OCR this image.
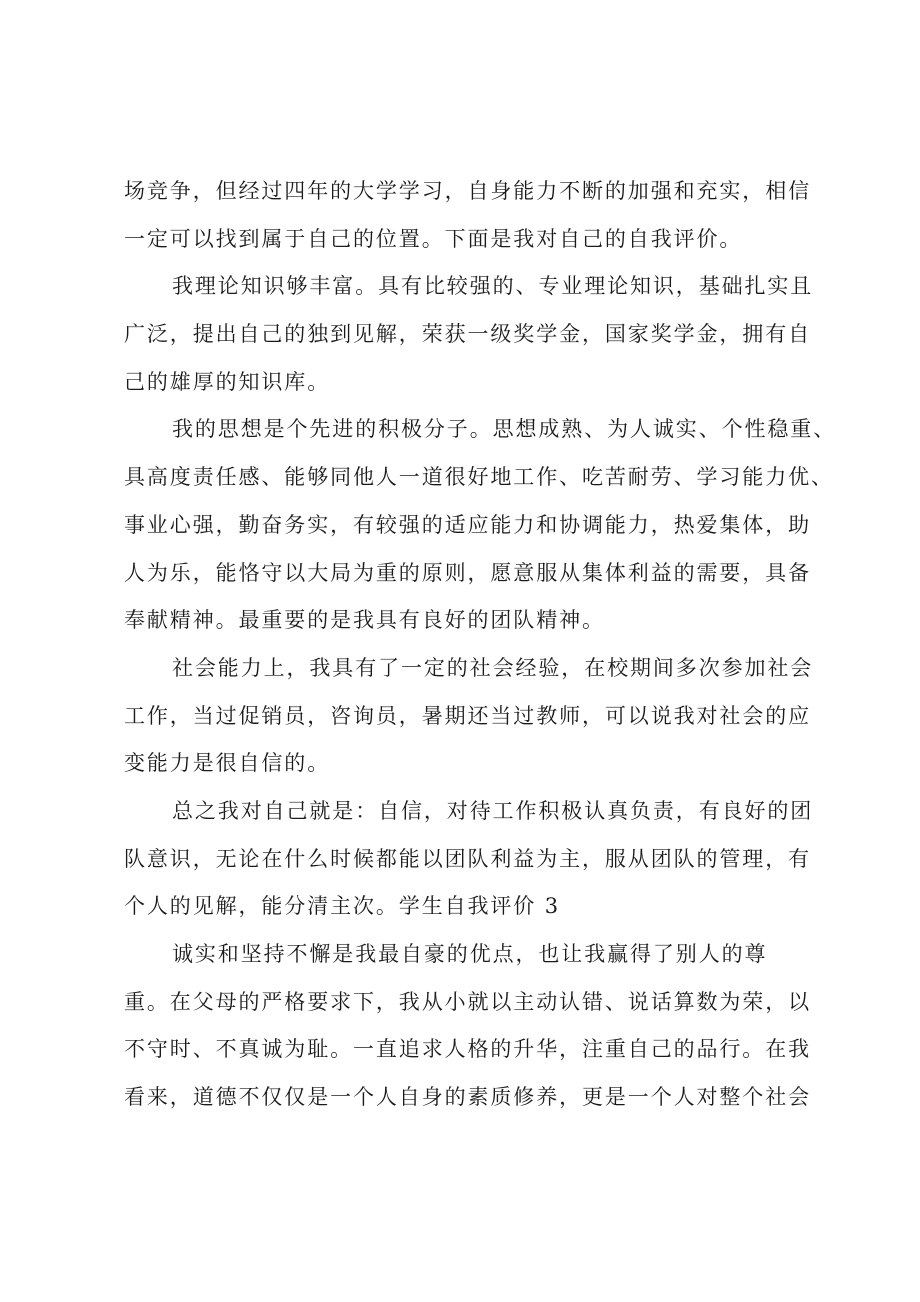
场竞争，但经过四年的大学学习，自身能力不断的加强和充实，相信
一定可以找到属于自己的位置。下面是我对自己的自我评价。
我理论知识够丰富。具有比较强的、专业理论知识，基础扎实且
广泛，提出自己的独到见解，荣获一级奖学金，国家奖学金，拥有自
己的雄厚的知识库。
我的思想是个先进的积极分子。思想成熟、为人诚实、个性稳重、
具高度责任感、能够同他人一道很好地工作、吃苦耐劳、学习能力优、
事业心强，勤奋务实，有较强的适应能力和协调能力，热爱集体，助
人为乐，能恪守以大局为重的原则，愿意服从集体利益的需要，具备
奉献精神。最重要的是我具有良好的团队精神。
社会能力上，我具有了一定的社会经验，在校期间多次参加社会
工作，当过促销员，咨询员，暑期还当过教师，可以说我对社会的应
变能力是很自信的。
总之我对自己就是：自信，对待工作积极认真负责，有良好的团
队意识，无论在什么时候都能以团队利益为主，服从团队的管理，有
个人的见解，能分清主次。学生自我评价 3
诚实和坚持不懈是我最自豪的优点，也让我赢得了别人的尊
重。在父母的严格要求下，我从小就以主动认错、说话算数为荣，以
不守时、不真诚为耻。一直追求人格的升华，注重自己的品行。在我
看来，道德不仅仅是一个人自身的素质修养，更是一个人对整个社会
